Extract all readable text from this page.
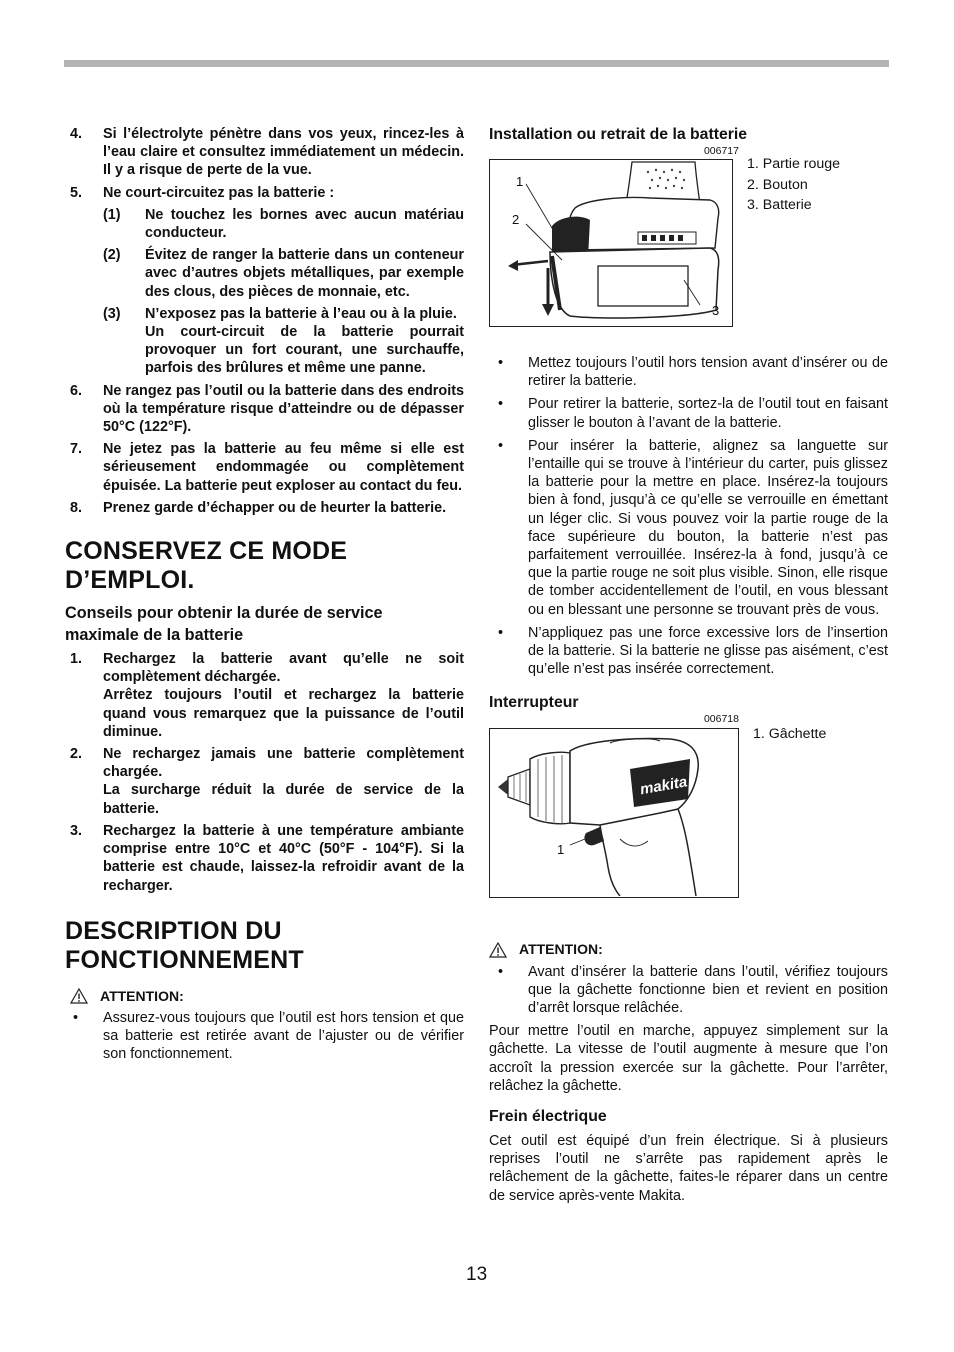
4.	Si l’électrolyte pénètre dans vos yeux, rincez-les à l’eau claire et consultez immédiatement un médecin. Il y a risque de perte de la vue.
5.	Ne court-circuitez pas la batterie :
(1)	Ne touchez les bornes avec aucun matériau conducteur.
(2)	Évitez de ranger la batterie dans un conteneur avec d’autres objets métalliques, par exemple des clous, des pièces de monnaie, etc.
(3)	N’exposez pas la batterie à l’eau ou à la pluie.
Un court-circuit de la batterie pourrait provoquer un fort courant, une surchauffe, parfois des brûlures et même une panne.
6.	Ne rangez pas l’outil ou la batterie dans des endroits où la température risque d’atteindre ou de dépasser 50°C (122°F).
7.	Ne jetez pas la batterie au feu même si elle est sérieusement endommagée ou complètement épuisée. La batterie peut exploser au contact du feu.
8.	Prenez garde d’échapper ou de heurter la batterie.
CONSERVEZ CE MODE
D’EMPLOI.
Conseils pour obtenir la durée de service
maximale de la batterie
1.	Rechargez la batterie avant qu’elle ne soit complètement déchargée.
Arrêtez toujours l’outil et rechargez la batterie quand vous remarquez que la puissance de l’outil diminue.
2.	Ne rechargez jamais une batterie complètement chargée.
La surcharge réduit la durée de service de la batterie.
3.	Rechargez la batterie à une température ambiante comprise entre 10°C et 40°C (50°F - 104°F). Si la batterie est chaude, laissez-la refroidir avant de la recharger.
DESCRIPTION DU
FONCTIONNEMENT
ATTENTION:
•	Assurez-vous toujours que l’outil est hors tension et que sa batterie est retirée avant de l’ajuster ou de vérifier son fonctionnement.
Installation ou retrait de la batterie
006717
1
2
3
1. Partie rouge
2. Bouton
3. Batterie
•	Mettez toujours l’outil hors tension avant d’insérer ou de retirer la batterie.
•	Pour retirer la batterie, sortez-la de l’outil tout en faisant glisser le bouton à l’avant de la batterie.
•	Pour insérer la batterie, alignez sa languette sur l’entaille qui se trouve à l’intérieur du carter, puis glissez la batterie pour la mettre en place. Insérez-la toujours bien à fond, jusqu’à ce qu’elle se verrouille en émettant un léger clic. Si vous pouvez voir la partie rouge de la face supérieure du bouton, la batterie n’est pas parfaitement verrouillée. Insérez-la à fond, jusqu’à ce que la partie rouge ne soit plus visible. Sinon, elle risque de tomber accidentellement de l’outil, en vous blessant ou en blessant une personne se trouvant près de vous.
•	N’appliquez pas une force excessive lors de l’insertion de la batterie. Si la batterie ne glisse pas aisément, c’est qu’elle n’est pas insérée correctement.
Interrupteur
006718
makita
1
1. Gâchette
ATTENTION:
•	Avant d’insérer la batterie dans l’outil, vérifiez toujours que la gâchette fonctionne bien et revient en position d’arrêt lorsque relâchée.

Pour mettre l’outil en marche, appuyez simplement sur la gâchette. La vitesse de l’outil augmente à mesure que l’on accroît la pression exercée sur la gâchette. Pour l’arrêter, relâchez la gâchette.

Frein électrique

Cet outil est équipé d’un frein électrique. Si à plusieurs reprises l’outil ne s’arrête pas rapidement après le relâchement de la gâchette, faites-le réparer dans un centre de service après-vente Makita.

13
